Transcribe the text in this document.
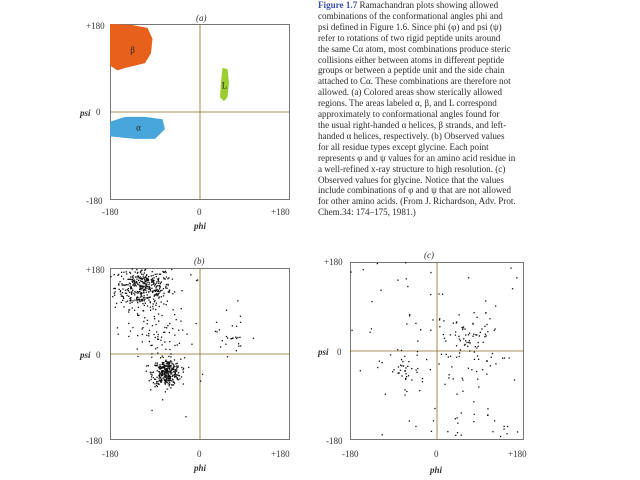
β
L
α
(a)
+180
0
-180
psi
-180	0	+180
phi
Figure 1.7 Ramachandran plots showing allowed
combinations of the conformational angles phi and
psi defined in Figure 1.6. Since phi (φ) and psi (ψ)
refer to rotations of two rigid peptide units around
the same Cα atom, most combinations produce steric
collisions either between atoms in different peptide
groups or between a peptide unit and the side chain
attached to Cα. These combinations are therefore not
allowed. (a) Colored areas show sterically allowed
regions. The areas labeled α, β, and L correspond
approximately to conformational angles found for
the usual right-handed α helices, β strands, and left-
handed α helices, respectively. (b) Observed values
for all residue types except glycine. Each point
represents φ and ψ values for an amino acid residue in
a well-refined x-ray structure to high resolution. (c)
Observed values for glycine. Notice that the values
include combinations of φ and ψ that are not allowed
for other amino acids. (From J. Richardson, Adv. Prot.
Chem.34: 174–175, 1981.)
(b)
+180
0
-180
psi
-180	0	+180
phi
(c)
+180
0
-180
psi
-180	0	+180
phi
